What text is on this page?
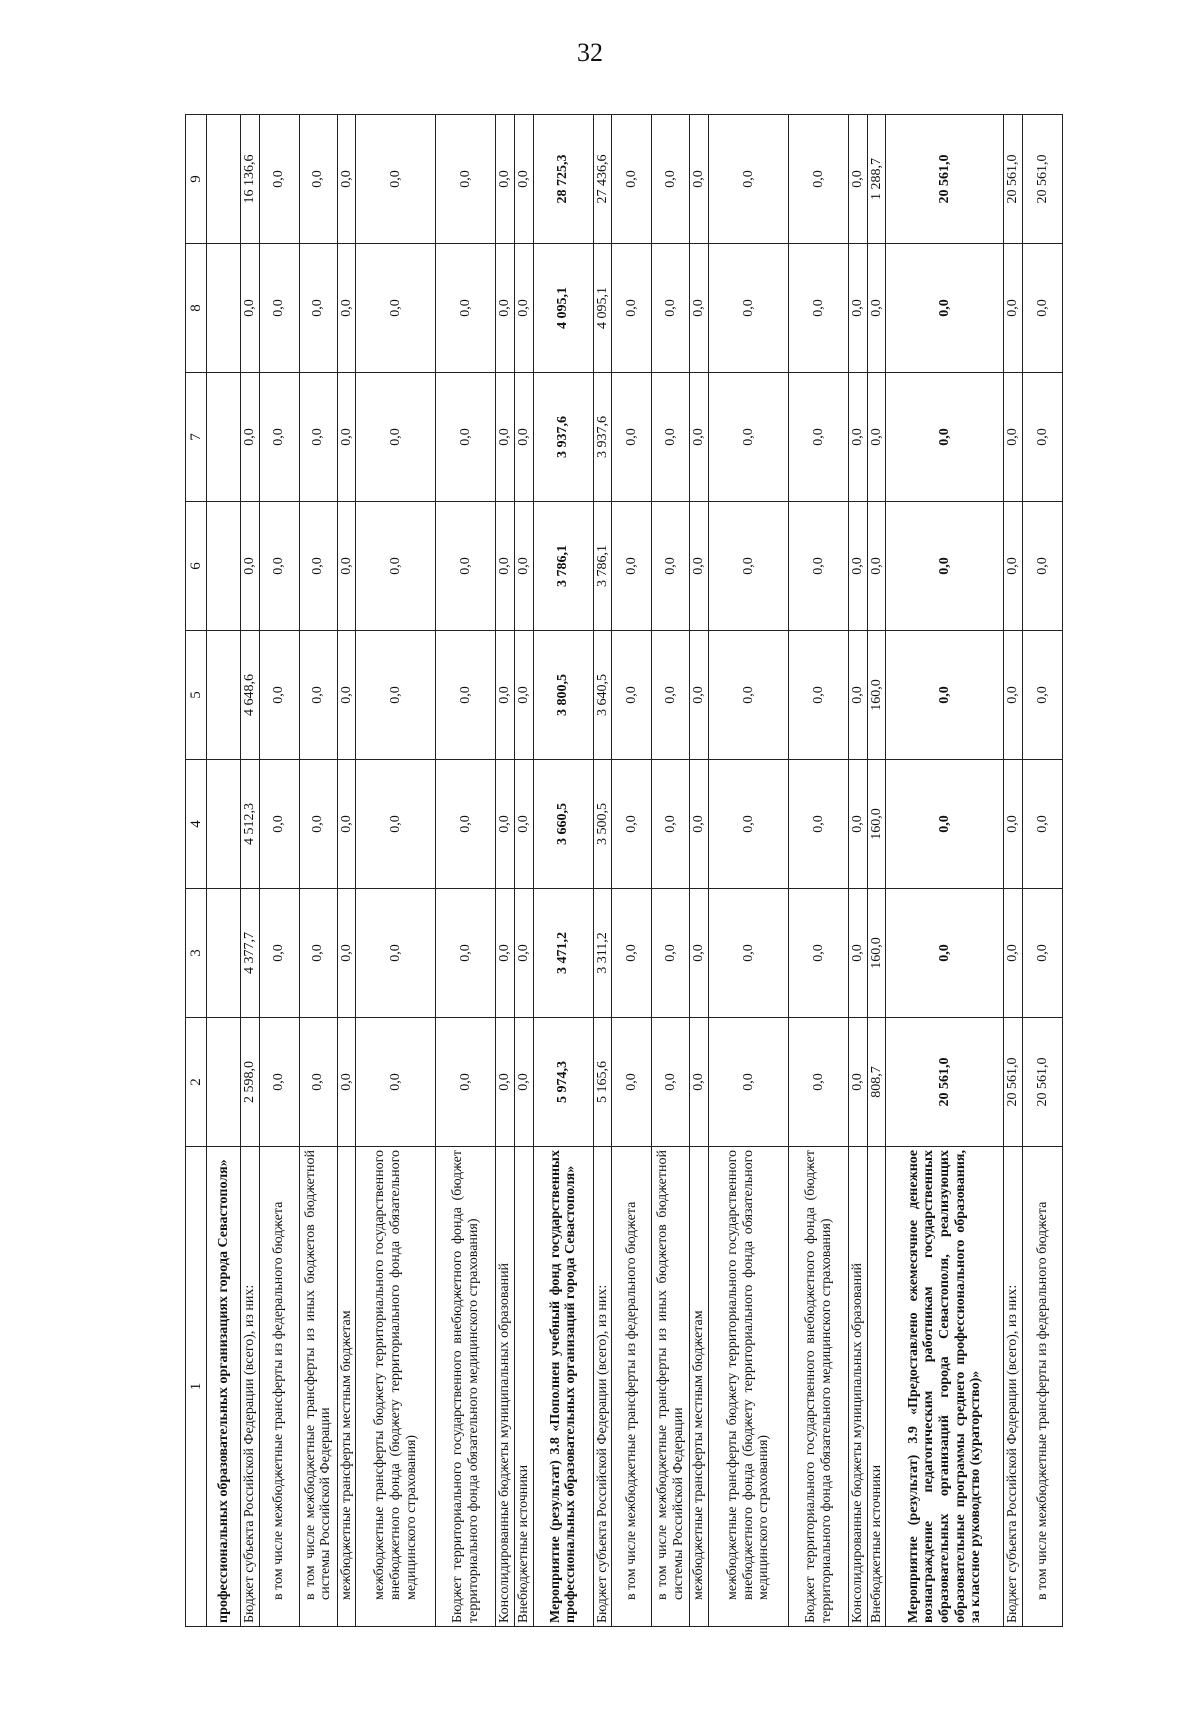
32
1	2	3	4	5	6	7	8	9
профессиональных образовательных организациях города Севастополя»								
Бюджет субъекта Российской Федерации (всего), из них:	2 598,0	4 377,7	4 512,3	4 648,6	0,0	0,0	0,0	16 136,6
в том числе межбюджетные трансферты из федерального бюджета	0,0	0,0	0,0	0,0	0,0	0,0	0,0	0,0
в том числе межбюджетные трансферты из иных бюджетов бюджетной системы Российской Федерации	0,0	0,0	0,0	0,0	0,0	0,0	0,0	0,0
межбюджетные трансферты местным бюджетам	0,0	0,0	0,0	0,0	0,0	0,0	0,0	0,0
межбюджетные трансферты бюджету территориального государственного внебюджетного фонда (бюджету территориального фонда обязательного медицинского страхования)	0,0	0,0	0,0	0,0	0,0	0,0	0,0	0,0
Бюджет территориального государственного внебюджетного фонда (бюджет территориального фонда обязательного медицинского страхования)	0,0	0,0	0,0	0,0	0,0	0,0	0,0	0,0
Консолидированные бюджеты муниципальных образований	0,0	0,0	0,0	0,0	0,0	0,0	0,0	0,0
Внебюджетные источники	0,0	0,0	0,0	0,0	0,0	0,0	0,0	0,0
Мероприятие (результат) 3.8 «Пополнен учебный фонд государственных профессиональных образовательных организаций города Севастополя»	5 974,3	3 471,2	3 660,5	3 800,5	3 786,1	3 937,6	4 095,1	28 725,3
Бюджет субъекта Российской Федерации (всего), из них:	5 165,6	3 311,2	3 500,5	3 640,5	3 786,1	3 937,6	4 095,1	27 436,6
в том числе межбюджетные трансферты из федерального бюджета	0,0	0,0	0,0	0,0	0,0	0,0	0,0	0,0
в том числе межбюджетные трансферты из иных бюджетов бюджетной системы Российской Федерации	0,0	0,0	0,0	0,0	0,0	0,0	0,0	0,0
межбюджетные трансферты местным бюджетам	0,0	0,0	0,0	0,0	0,0	0,0	0,0	0,0
межбюджетные трансферты бюджету территориального государственного внебюджетного фонда (бюджету территориального фонда обязательного медицинского страхования)	0,0	0,0	0,0	0,0	0,0	0,0	0,0	0,0
Бюджет территориального государственного внебюджетного фонда (бюджет территориального фонда обязательного медицинского страхования)	0,0	0,0	0,0	0,0	0,0	0,0	0,0	0,0
Консолидированные бюджеты муниципальных образований	0,0	0,0	0,0	0,0	0,0	0,0	0,0	0,0
Внебюджетные источники	808,7	160,0	160,0	160,0	0,0	0,0	0,0	1 288,7
Мероприятие (результат) 3.9 «Предоставлено ежемесячное денежное вознаграждение педагогическим работникам государственных образовательных организаций города Севастополя, реализующих образовательные программы среднего профессионального образования, за классное руководство (кураторство)»	20 561,0	0,0	0,0	0,0	0,0	0,0	0,0	20 561,0
Бюджет субъекта Российской Федерации (всего), из них:	20 561,0	0,0	0,0	0,0	0,0	0,0	0,0	20 561,0
в том числе межбюджетные трансферты из федерального бюджета	20 561,0	0,0	0,0	0,0	0,0	0,0	0,0	20 561,0
